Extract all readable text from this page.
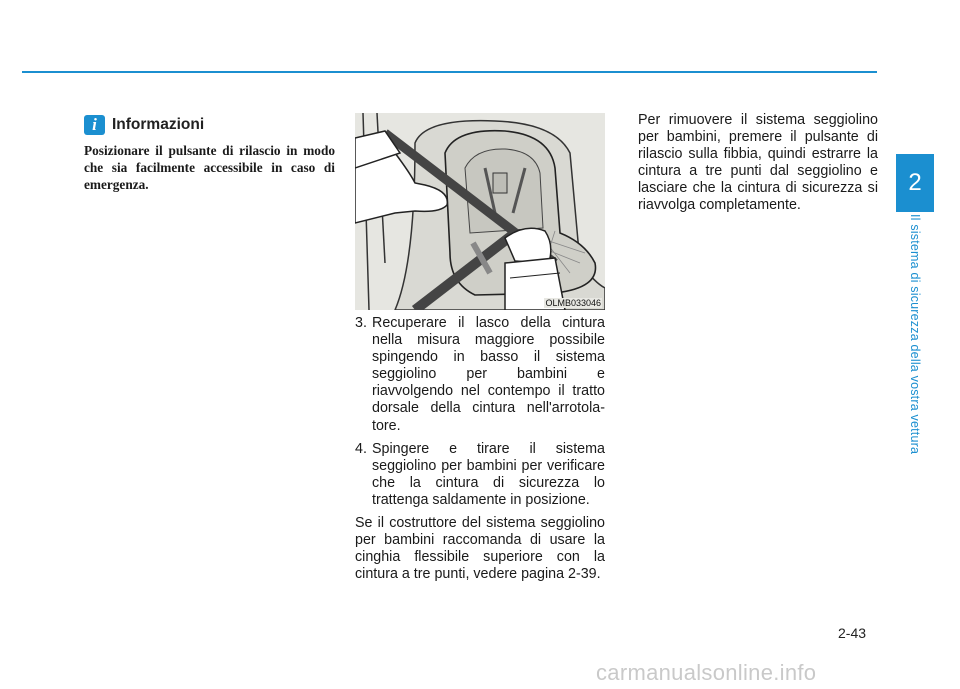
i Informazioni
Posizionare il pulsante di rilascio in modo che sia facilmente accessibile in caso di emergenza.
OLMB033046
3. Recuperare il lasco della cintura nella misura maggiore possibile spingendo in basso il sistema seggiolino per bambini e riavvolgendo nel contempo il tratto dorsale della cintura nell'arrotola-tore.
4. Spingere e tirare il sistema seggiolino per bambini per verificare che la cintura di sicurezza lo trattenga saldamente in posizione.

Se il costruttore del sistema seggiolino per bambini raccomanda di usare la cinghia flessibile superiore con la cintura a tre punti, vedere pagina 2-39.

Per rimuovere il sistema seggiolino per bambini, premere il pulsante di rilascio sulla fibbia, quindi estrarre la cintura a tre punti dal seggiolino e lasciare che la cintura di sicurezza si riavvolga completamente.

2
Il sistema di sicurezza della vostra vettura
2-43
carmanualsonline.info
